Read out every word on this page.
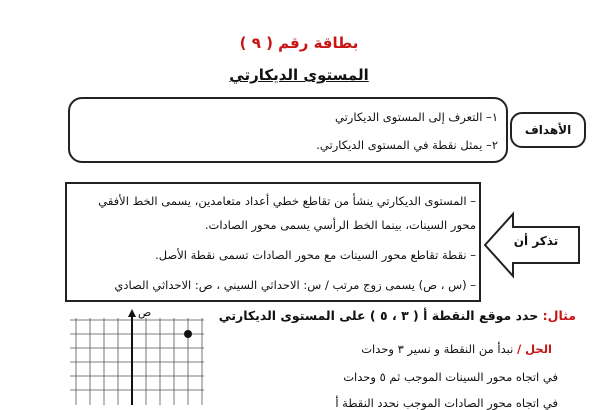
بطاقة رقم ( ٩ )
المستوى الديكارتي
١– التعرف إلى المستوى الديكارتي
٢– يمثل نقطة في المستوى الديكارتي.
الأهداف
– المستوى الديكارتي ينشأ من تقاطع خطي أعداد متعامدين، يسمى الخط الأفقي
محور السينات، بينما الخط الرأسي يسمى محور الصادات.
– نقطة تقاطع محور السينات مع محور الصادات تسمى نقطة الأصل.
– (س ، ص) يسمى زوج مرتب / س: الاحداثي السيني ، ص: الاحداثي الصادي
تذكر أن
ص	مثال: حدد موقع النقطة أ ( ٣ ، ٥ ) على المستوى الديكارتي
الحل / نبدأ من النقطة و نسير ٣ وحدات
في اتجاه محور السينات الموجب ثم ٥ وحدات
في اتجاه محور الصادات الموجب نحدد النقطة أ
